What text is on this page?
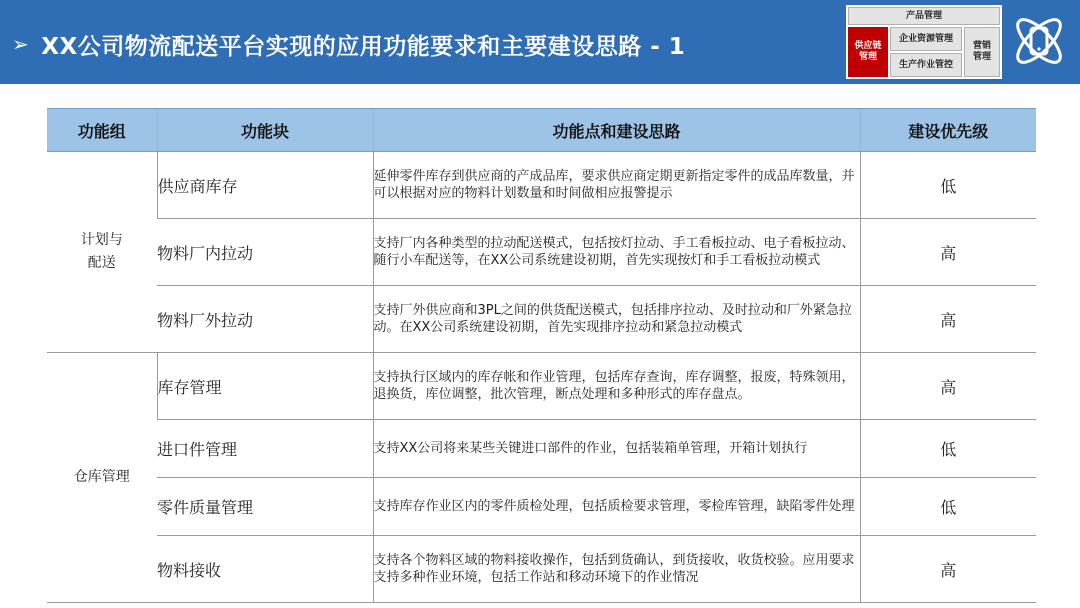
➢ XX公司物流配送平台实现的应用功能要求和主要建设思路 - 1
产品管理
供应链管理
企业资源管理
生产作业管控
营销管理
功能组	功能块	功能点和建设思路	建设优先级

计划与
配送	供应商库存	延伸零件库存到供应商的产成品库，要求供应商定期更新指定零件的成品库数量，并可以根据对应的物料计划数量和时间做相应报警提示	低
	物料厂内拉动	支持厂内各种类型的拉动配送模式，包括按灯拉动、手工看板拉动、电子看板拉动、随行小车配送等，在XX公司系统建设初期，首先实现按灯和手工看板拉动模式	高
	物料厂外拉动	支持厂外供应商和3PL之间的供货配送模式，包括排序拉动、及时拉动和厂外紧急拉动。在XX公司系统建设初期，首先实现排序拉动和紧急拉动模式	高

仓库管理	库存管理	支持执行区域内的库存帐和作业管理，包括库存查询，库存调整，报废，特殊领用，退换货，库位调整，批次管理，断点处理和多种形式的库存盘点。	高
	进口件管理	支持XX公司将来某些关键进口部件的作业，包括装箱单管理，开箱计划执行	低
	零件质量管理	支持库存作业区内的零件质检处理，包括质检要求管理，零检库管理，缺陷零件处理	低
	物料接收	支持各个物料区域的物料接收操作，包括到货确认，到货接收，收货校验。应用要求支持多种作业环境，包括工作站和移动环境下的作业情况	高
